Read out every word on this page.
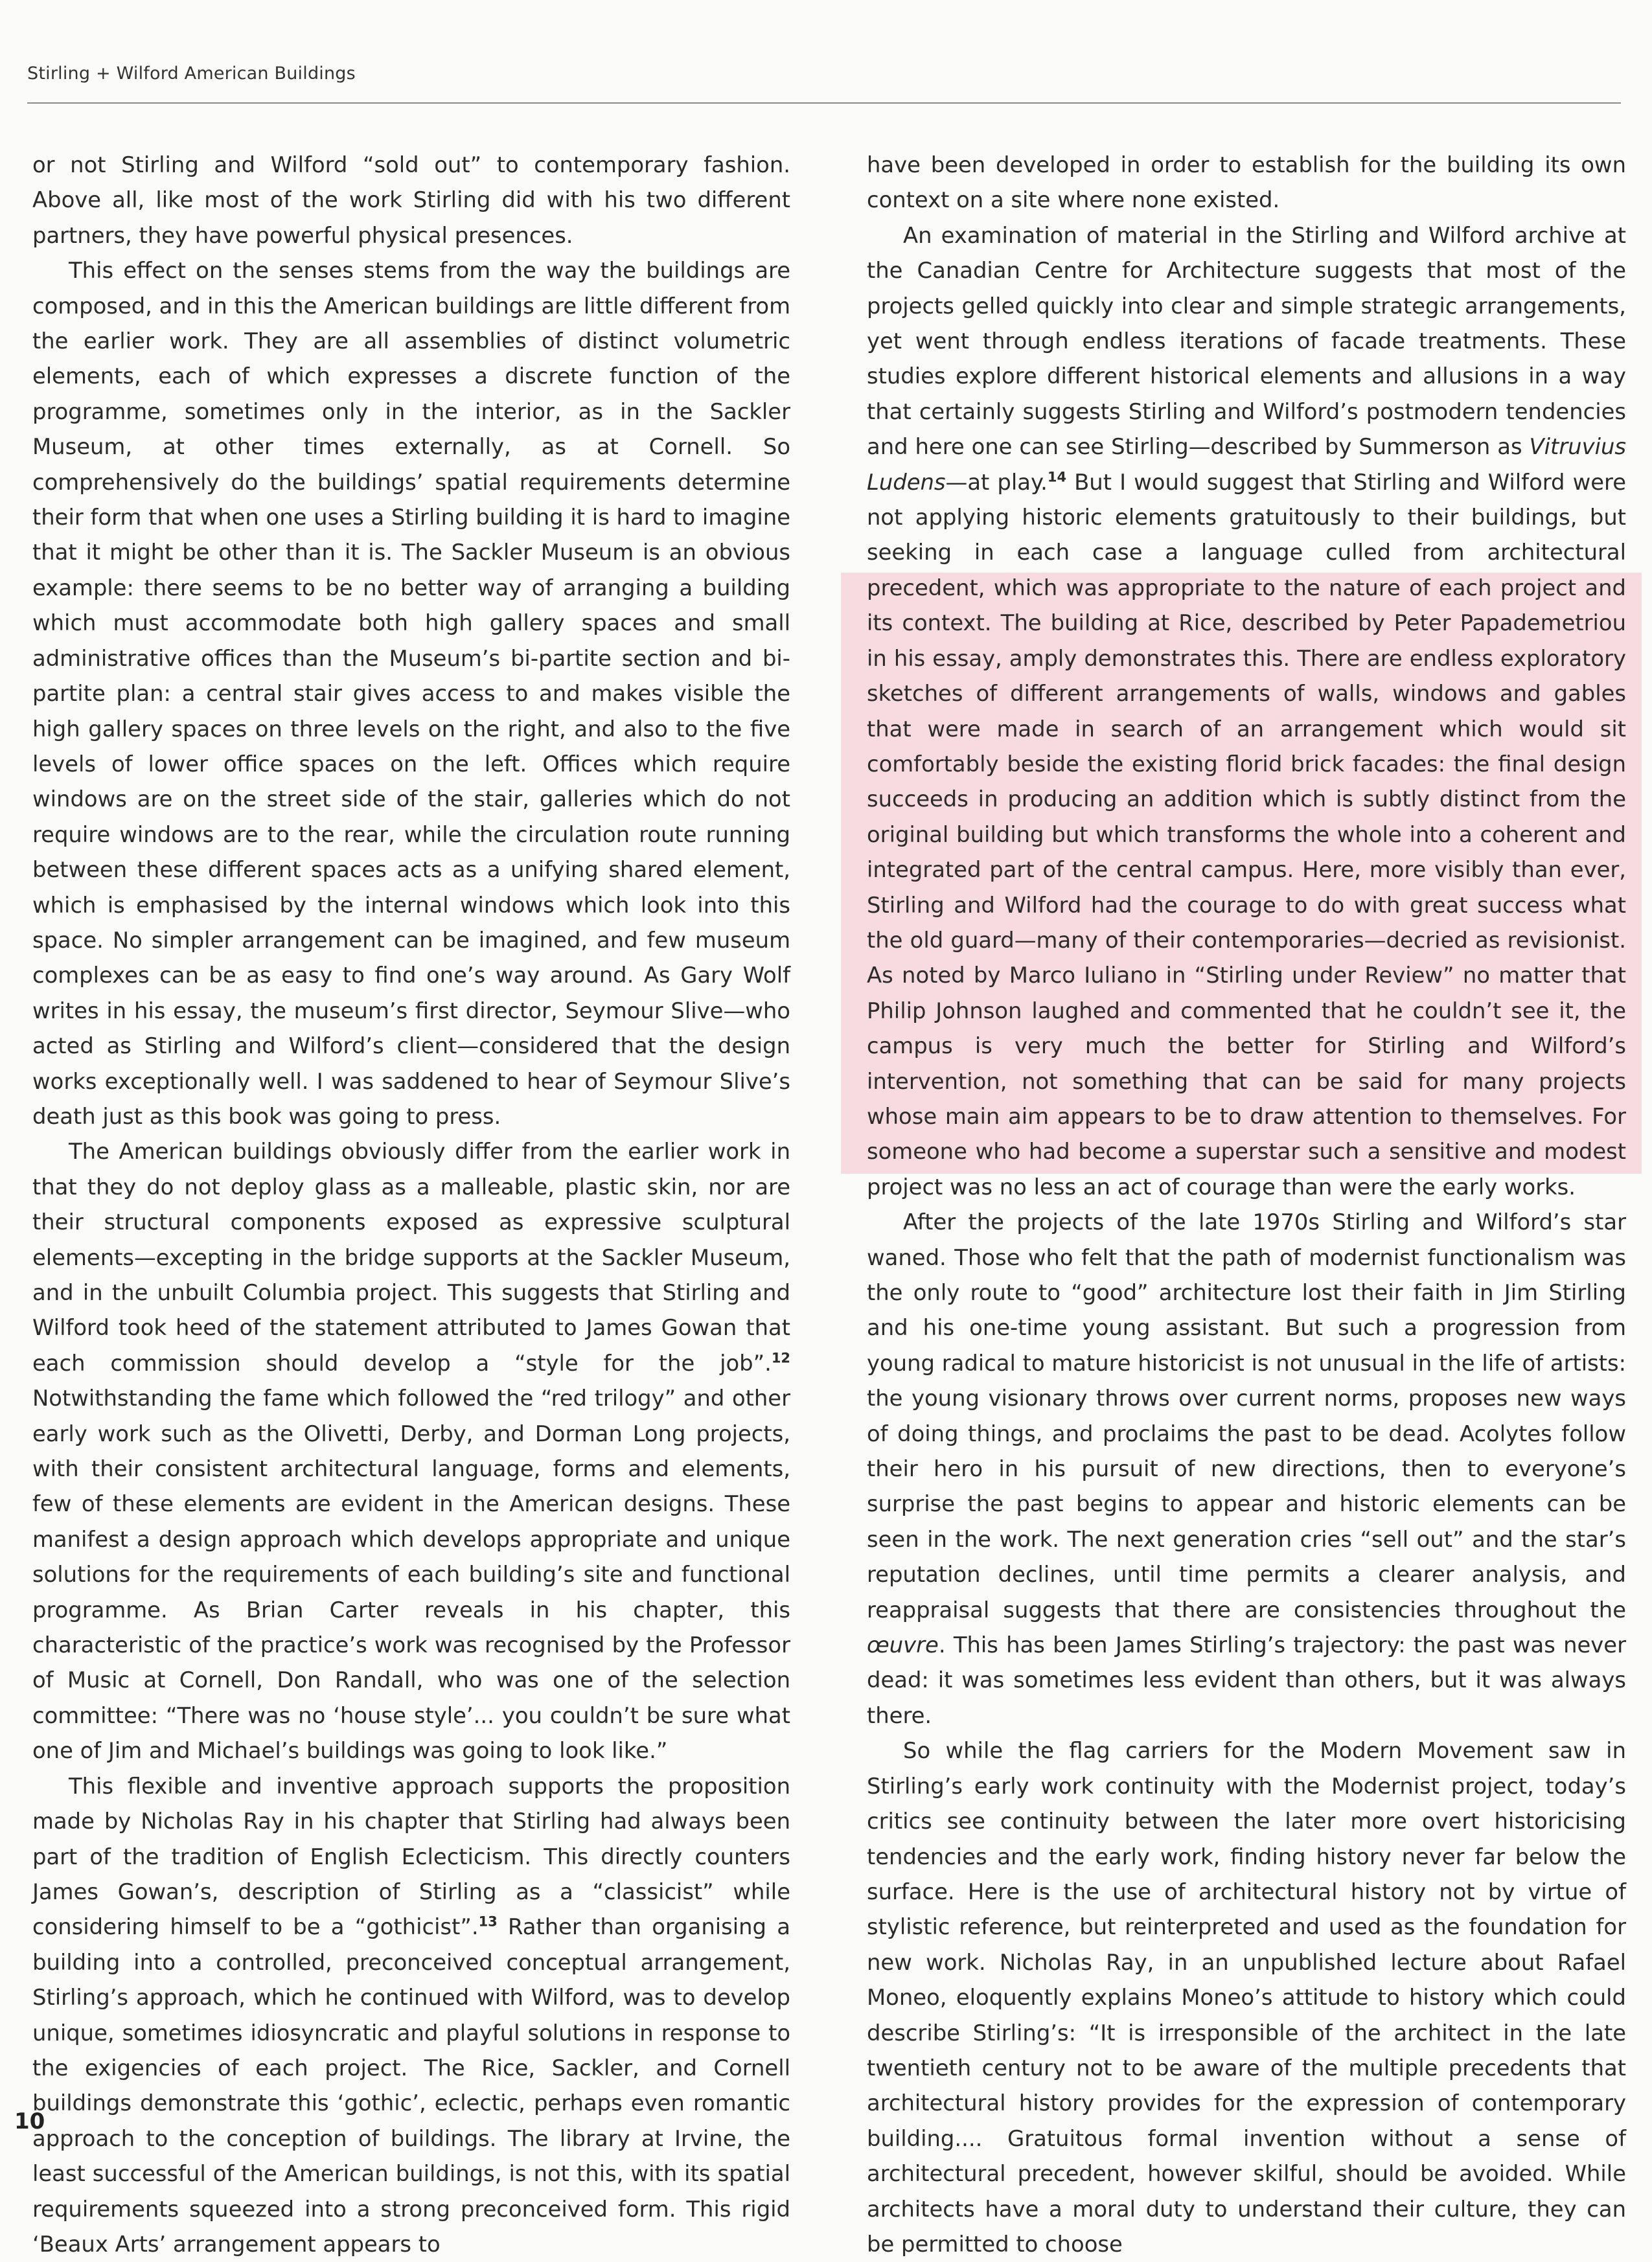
Stirling + Wilford American Buildings

or not Stirling and Wilford “sold out” to contemporary fashion. Above all, like most of the work Stirling did with his two different partners, they have powerful physical presences.

This effect on the senses stems from the way the buildings are composed, and in this the American buildings are little different from the earlier work. They are all assemblies of distinct volumetric elements, each of which expresses a discrete function of the programme, sometimes only in the interior, as in the Sackler Museum, at other times externally, as at Cornell. So comprehensively do the buildings’ spatial requirements determine their form that when one uses a Stirling building it is hard to imagine that it might be other than it is. The Sackler Museum is an obvious example: there seems to be no better way of arranging a building which must accommodate both high gallery spaces and small administrative offices than the Museum’s bi-partite section and bi-partite plan: a central stair gives access to and makes visible the high gallery spaces on three levels on the right, and also to the five levels of lower office spaces on the left. Offices which require windows are on the street side of the stair, galleries which do not require windows are to the rear, while the circulation route running between these different spaces acts as a unifying shared element, which is emphasised by the internal windows which look into this space. No simpler arrangement can be imagined, and few museum complexes can be as easy to find one’s way around. As Gary Wolf writes in his essay, the museum’s first director, Seymour Slive—who acted as Stirling and Wilford’s client—considered that the design works exceptionally well. I was saddened to hear of Seymour Slive’s death just as this book was going to press.

The American buildings obviously differ from the earlier work in that they do not deploy glass as a malleable, plastic skin, nor are their structural components exposed as expressive sculptural elements—excepting in the bridge supports at the Sackler Museum, and in the unbuilt Columbia project. This suggests that Stirling and Wilford took heed of the statement attributed to James Gowan that each commission should develop a “style for the job”.$^{12}$ Notwithstanding the fame which followed the “red trilogy” and other early work such as the Olivetti, Derby, and Dorman Long projects, with their consistent architectural language, forms and elements, few of these elements are evident in the American designs. These manifest a design approach which develops appropriate and unique solutions for the requirements of each building’s site and functional programme. As Brian Carter reveals in his chapter, this characteristic of the practice’s work was recognised by the Professor of Music at Cornell, Don Randall, who was one of the selection committee: “There was no ‘house style’... you couldn’t be sure what one of Jim and Michael’s buildings was going to look like.”

This flexible and inventive approach supports the proposition made by Nicholas Ray in his chapter that Stirling had always been part of the tradition of English Eclecticism. This directly counters James Gowan’s, description of Stirling as a “classicist” while considering himself to be a “gothicist”.$^{13}$ Rather than organising a building into a controlled, preconceived conceptual arrangement, Stirling’s approach, which he continued with Wilford, was to develop unique, sometimes idiosyncratic and playful solutions in response to the exigencies of each project. The Rice, Sackler, and Cornell buildings demonstrate this ‘gothic’, eclectic, perhaps even romantic approach to the conception of buildings. The library at Irvine, the least successful of the American buildings, is not this, with its spatial requirements squeezed into a strong preconceived form. This rigid ‘Beaux Arts’ arrangement appears to

have been developed in order to establish for the building its own context on a site where none existed.

An examination of material in the Stirling and Wilford archive at the Canadian Centre for Architecture suggests that most of the projects gelled quickly into clear and simple strategic arrangements, yet went through endless iterations of facade treatments. These studies explore different historical elements and allusions in a way that certainly suggests Stirling and Wilford’s postmodern tendencies and here one can see Stirling—described by Summerson as Vitruvius Ludens—at play.$^{14}$ But I would suggest that Stirling and Wilford were not applying historic elements gratuitously to their buildings, but seeking in each case a language culled from architectural precedent, which was appropriate to the nature of each project and its context. The building at Rice, described by Peter Papademetriou in his essay, amply demonstrates this. There are endless exploratory sketches of different arrangements of walls, windows and gables that were made in search of an arrangement which would sit comfortably beside the existing florid brick facades: the final design succeeds in producing an addition which is subtly distinct from the original building but which transforms the whole into a coherent and integrated part of the central campus. Here, more visibly than ever, Stirling and Wilford had the courage to do with great success what the old guard—many of their contemporaries—decried as revisionist. As noted by Marco Iuliano in “Stirling under Review” no matter that Philip Johnson laughed and commented that he couldn’t see it, the campus is very much the better for Stirling and Wilford’s intervention, not something that can be said for many projects whose main aim appears to be to draw attention to themselves. For someone who had become a superstar such a sensitive and modest project was no less an act of courage than were the early works.

After the projects of the late 1970s Stirling and Wilford’s star waned. Those who felt that the path of modernist functionalism was the only route to “good” architecture lost their faith in Jim Stirling and his one-time young assistant. But such a progression from young radical to mature historicist is not unusual in the life of artists: the young visionary throws over current norms, proposes new ways of doing things, and proclaims the past to be dead. Acolytes follow their hero in his pursuit of new directions, then to everyone’s surprise the past begins to appear and historic elements can be seen in the work. The next generation cries “sell out” and the star’s reputation declines, until time permits a clearer analysis, and reappraisal suggests that there are consistencies throughout the œuvre. This has been James Stirling’s trajectory: the past was never dead: it was sometimes less evident than others, but it was always there.

So while the flag carriers for the Modern Movement saw in Stirling’s early work continuity with the Modernist project, today’s critics see continuity between the later more overt historicising tendencies and the early work, finding history never far below the surface. Here is the use of architectural history not by virtue of stylistic reference, but reinterpreted and used as the foundation for new work. Nicholas Ray, in an unpublished lecture about Rafael Moneo, eloquently explains Moneo’s attitude to history which could describe Stirling’s: “It is irresponsible of the architect in the late twentieth century not to be aware of the multiple precedents that architectural history provides for the expression of contemporary building.... Gratuitous formal invention without a sense of architectural precedent, however skilful, should be avoided. While architects have a moral duty to understand their culture, they can be permitted to choose

10
